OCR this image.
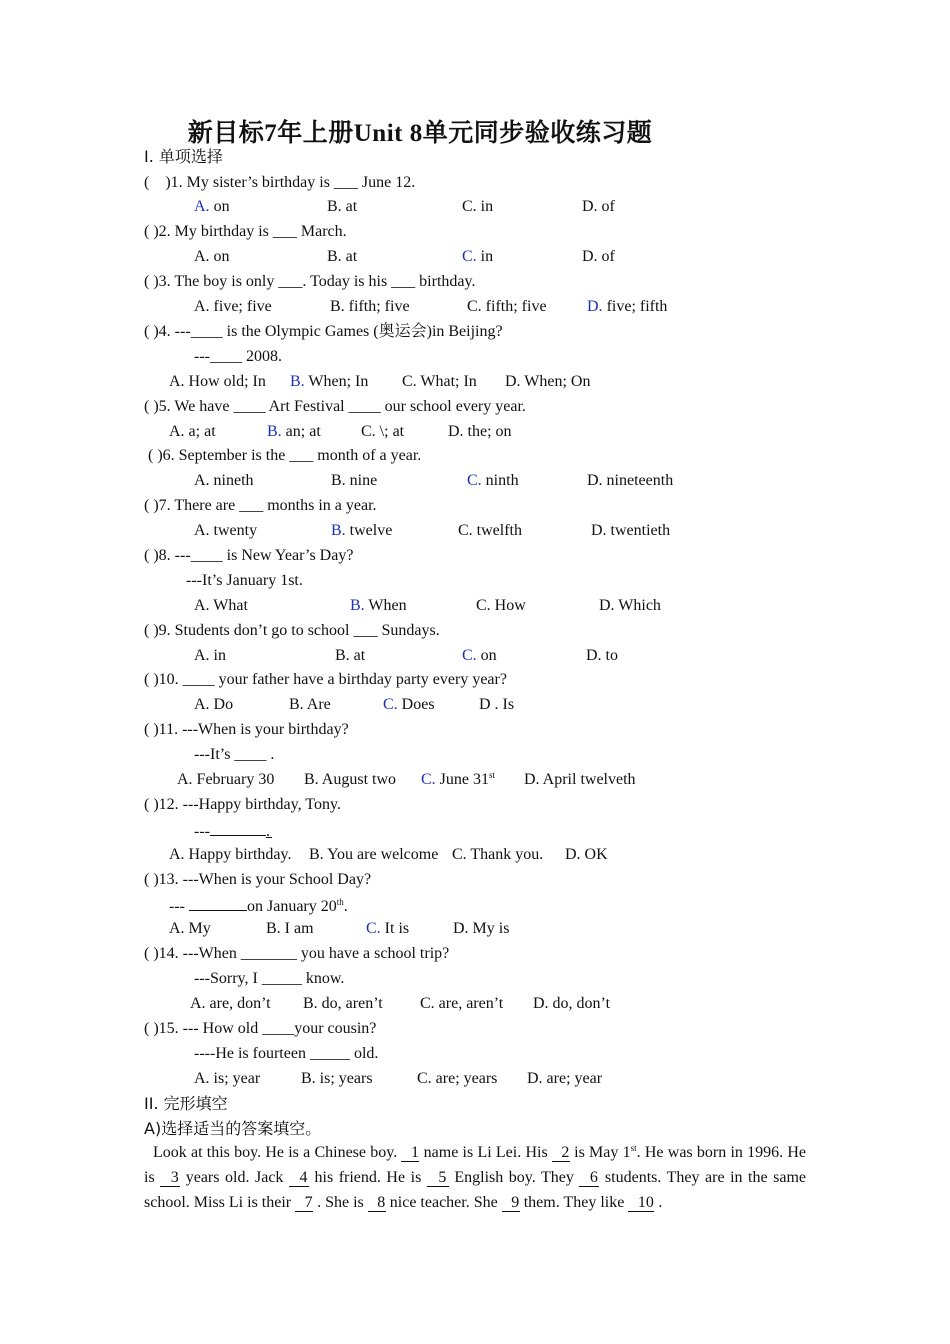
新目标7年上册Unit 8单元同步验收练习题
I. 单项选择
( )1. My sister’s birthday is ___ June 12.
A. on	B. at	C. in	D. of
( )2. My birthday is ___ March.
A. on	B. at	C. in	D. of
( )3. The boy is only ___. Today is his ___ birthday.
A. five; five	B. fifth; five	C. fifth; five	D. five; fifth
( )4. ---____ is the Olympic Games (奥运会)in Beijing?
---____ 2008.
A. How old; In B. When; In C. What; In D. When; On
( )5. We have ____ Art Festival ____ our school every year.
A. a; at	B. an; at	C. \; at	D. the; on
( )6. September is the ___ month of a year.
A. nineth	B. nine	C. ninth	D. nineteenth
( )7. There are ___ months in a year.
A. twenty	B. twelve	C. twelfth	D. twentieth
( )8. ---____ is New Year’s Day?
---It’s January 1st.
A. What	B. When	C. How	D. Which
( )9. Students don’t go to school ___ Sundays.
A. in	B. at	C. on	D. to
( )10. ____ your father have a birthday party every year?
A. Do	B. Are	C. Does	D . Is
( )11. ---When is your birthday?
---It’s ____ .
A. February 30 B. August two C. June 31st D. April twelveth
( )12. ---Happy birthday, Tony.
---	.
A. Happy birthday. B. You are welcome C. Thank you. D. OK
( )13. ---When is your School Day?
---	on January 20th.
A. My	B. I am	C. It is	D. My is
( )14. ---When _______ you have a school trip?
---Sorry, I _____ know.
A. are, don’t B. do, aren’t C. are, aren’t D. do, don’t
( )15. --- How old ____your cousin?
----He is fourteen _____ old.
A. is; year	B. is; years	C. are; years D. are; year
II. 完形填空
A)选择适当的答案填空。
Look at this boy. He is a Chinese boy. 1 name is Li Lei. His 2 is May 1st. He was born in 1996. He is 3 years old. Jack 4 his friend. He is 5 English boy. They 6 students. They are in the same school. Miss Li is their 7 . She is 8 nice teacher. She 9 them. They like 10 .
